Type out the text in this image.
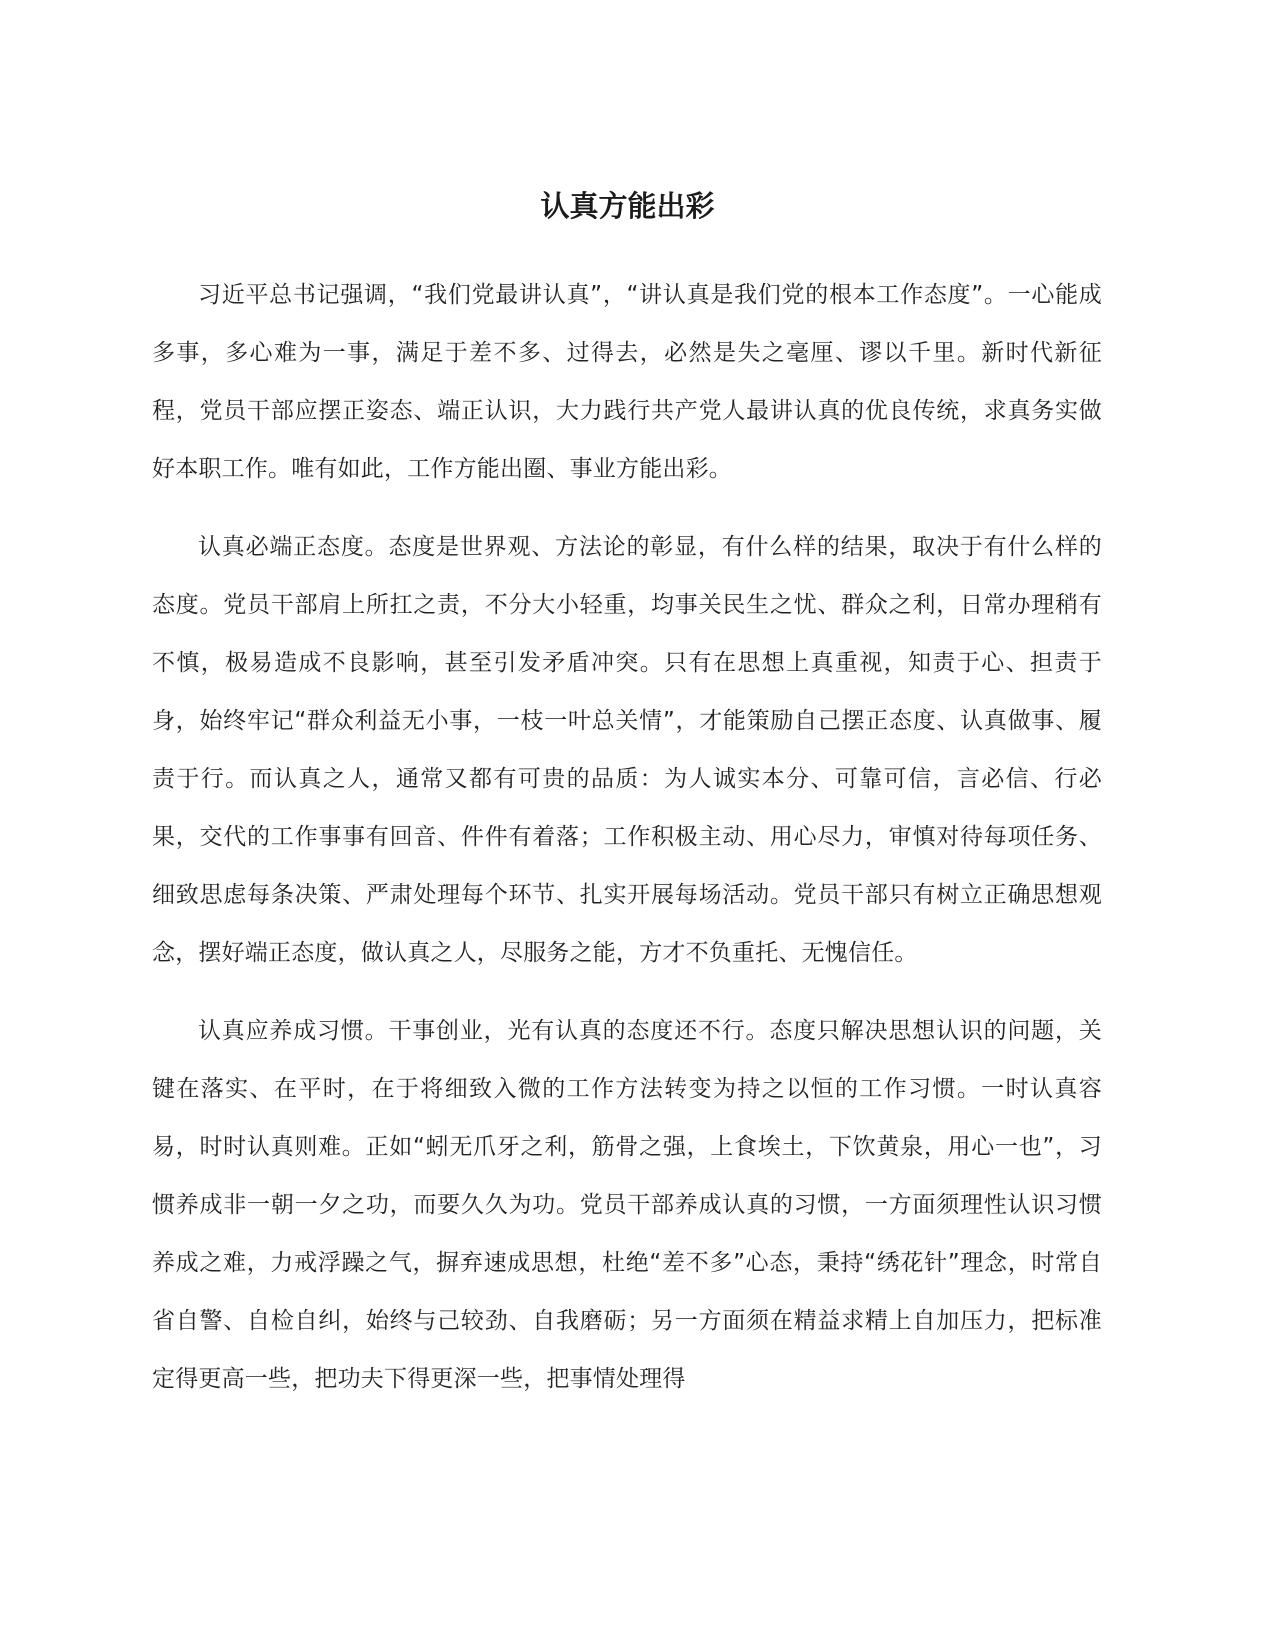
认真方能出彩

习近平总书记强调，“我们党最讲认真”，“讲认真是我们党的根本工作态度”。一心能成多事，多心难为一事，满足于差不多、过得去，必然是失之毫厘、谬以千里。新时代新征程，党员干部应摆正姿态、端正认识，大力践行共产党人最讲认真的优良传统，求真务实做好本职工作。唯有如此，工作方能出圈、事业方能出彩。

认真必端正态度。态度是世界观、方法论的彰显，有什么样的结果，取决于有什么样的态度。党员干部肩上所扛之责，不分大小轻重，均事关民生之忧、群众之利，日常办理稍有不慎，极易造成不良影响，甚至引发矛盾冲突。只有在思想上真重视，知责于心、担责于身，始终牢记“群众利益无小事，一枝一叶总关情”，才能策励自己摆正态度、认真做事、履责于行。而认真之人，通常又都有可贵的品质：为人诚实本分、可靠可信，言必信、行必果，交代的工作事事有回音、件件有着落；工作积极主动、用心尽力，审慎对待每项任务、细致思虑每条决策、严肃处理每个环节、扎实开展每场活动。党员干部只有树立正确思想观念，摆好端正态度，做认真之人，尽服务之能，方才不负重托、无愧信任。

认真应养成习惯。干事创业，光有认真的态度还不行。态度只解决思想认识的问题，关键在落实、在平时，在于将细致入微的工作方法转变为持之以恒的工作习惯。一时认真容易，时时认真则难。正如“蚓无爪牙之利，筋骨之强，上食埃土，下饮黄泉，用心一也”，习惯养成非一朝一夕之功，而要久久为功。党员干部养成认真的习惯，一方面须理性认识习惯养成之难，力戒浮躁之气，摒弃速成思想，杜绝“差不多”心态，秉持“绣花针”理念，时常自省自警、自检自纠，始终与己较劲、自我磨砺；另一方面须在精益求精上自加压力，把标准定得更高一些，把功夫下得更深一些，把事情处理得
